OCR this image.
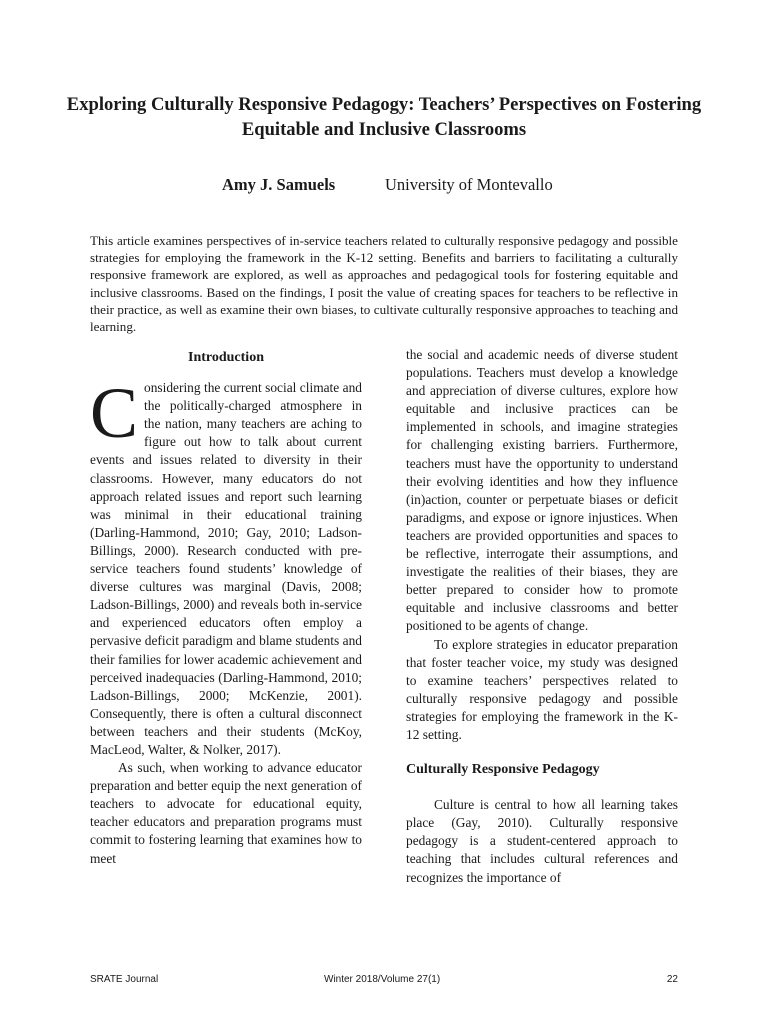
Exploring Culturally Responsive Pedagogy: Teachers’ Perspectives on Fostering Equitable and Inclusive Classrooms
Amy J. Samuels	University of Montevallo
This article examines perspectives of in-service teachers related to culturally responsive pedagogy and possible strategies for employing the framework in the K-12 setting. Benefits and barriers to facilitating a culturally responsive framework are explored, as well as approaches and pedagogical tools for fostering equitable and inclusive classrooms. Based on the findings, I posit the value of creating spaces for teachers to be reflective in their practice, as well as examine their own biases, to cultivate culturally responsive approaches to teaching and learning.
Introduction

Considering the current social climate and the politically-charged atmosphere in the nation, many teachers are aching to figure out how to talk about current events and issues related to diversity in their classrooms. However, many educators do not approach related issues and report such learning was minimal in their educational training (Darling-Hammond, 2010; Gay, 2010; Ladson-Billings, 2000). Research conducted with pre-service teachers found students’ knowledge of diverse cultures was marginal (Davis, 2008; Ladson-Billings, 2000) and reveals both in-service and experienced educators often employ a pervasive deficit paradigm and blame students and their families for lower academic achievement and perceived inadequacies (Darling-Hammond, 2010; Ladson-Billings, 2000; McKenzie, 2001). Consequently, there is often a cultural disconnect between teachers and their students (McKoy, MacLeod, Walter, & Nolker, 2017).

As such, when working to advance educator preparation and better equip the next generation of teachers to advocate for educational equity, teacher educators and preparation programs must commit to fostering learning that examines how to meet

the social and academic needs of diverse student populations. Teachers must develop a knowledge and appreciation of diverse cultures, explore how equitable and inclusive practices can be implemented in schools, and imagine strategies for challenging existing barriers. Furthermore, teachers must have the opportunity to understand their evolving identities and how they influence (in)action, counter or perpetuate biases or deficit paradigms, and expose or ignore injustices. When teachers are provided opportunities and spaces to be reflective, interrogate their assumptions, and investigate the realities of their biases, they are better prepared to consider how to promote equitable and inclusive classrooms and better positioned to be agents of change.

To explore strategies in educator preparation that foster teacher voice, my study was designed to examine teachers’ perspectives related to culturally responsive pedagogy and possible strategies for employing the framework in the K-12 setting.

Culturally Responsive Pedagogy

Culture is central to how all learning takes place (Gay, 2010). Culturally responsive pedagogy is a student-centered approach to teaching that includes cultural references and recognizes the importance of

SRATE Journal	Winter 2018/Volume 27(1)	22
